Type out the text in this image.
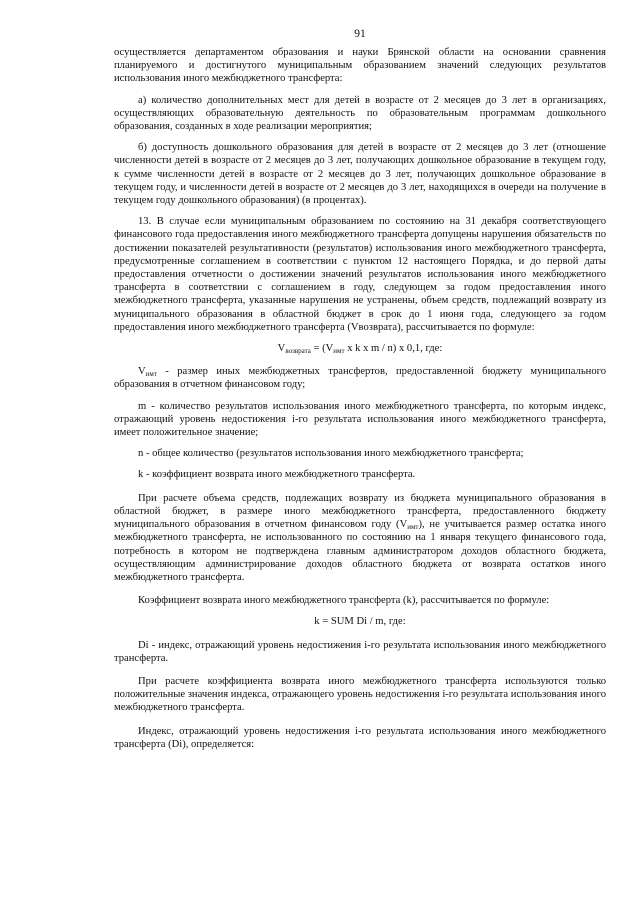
91

осуществляется департаментом образования и науки Брянской области на основании сравнения планируемого и достигнутого муниципальным образованием значений следующих результатов использования иного межбюджетного трансферта:

а) количество дополнительных мест для детей в возрасте от 2 месяцев до 3 лет в организациях, осуществляющих образовательную деятельность по образовательным программам дошкольного образования, созданных в ходе реализации мероприятия;

б) доступность дошкольного образования для детей в возрасте от 2 месяцев до 3 лет (отношение численности детей в возрасте от 2 месяцев до 3 лет, получающих дошкольное образование в текущем году, к сумме численности детей в возрасте от 2 месяцев до 3 лет, получающих дошкольное образование в текущем году, и численности детей в возрасте от 2 месяцев до 3 лет, находящихся в очереди на получение в текущем году дошкольного образования) (в процентах).

13. В случае если муниципальным образованием по состоянию на 31 декабря соответствующего финансового года предоставления иного межбюджетного трансферта допущены нарушения обязательств по достижении показателей результативности (результатов) использования иного межбюджетного трансферта, предусмотренные соглашением в соответствии с пунктом 12 настоящего Порядка, и до первой даты предоставления отчетности о достижении значений результатов использования иного межбюджетного трансферта в соответствии с соглашением в году, следующем за годом предоставления иного межбюджетного трансферта, указанные нарушения не устранены, объем средств, подлежащий возврату из муниципального образования в областной бюджет в срок до 1 июня года, следующего за годом предоставления иного межбюджетного трансферта (Vвозврата), рассчитывается по формуле:

$V_{возврата} = (V_{имт}$ x k x m / n) x 0,1, где:

$V_{имт}$ - размер иных межбюджетных трансфертов, предоставленной бюджету муниципального образования в отчетном финансовом году;

m - количество результатов использования иного межбюджетного трансферта, по которым индекс, отражающий уровень недостижения i-го результата использования иного межбюджетного трансферта, имеет положительное значение;

n - общее количество (результатов использования иного межбюджетного трансферта;

k - коэффициент возврата иного межбюджетного трансферта.

При расчете объема средств, подлежащих возврату из бюджета муниципального образования в областной бюджет, в размере иного межбюджетного трансферта, предоставленного бюджету муниципального образования в отчетном финансовом году $(V_{имт})$, не учитывается размер остатка иного межбюджетного трансферта, не использованного по состоянию на 1 января текущего финансового года, потребность в котором не подтверждена главным администратором доходов областного бюджета, осуществляющим администрирование доходов областного бюджета от возврата остатков иного межбюджетного трансферта.

Коэффициент возврата иного межбюджетного трансферта (k), рассчитывается по формуле:

k = SUM Di / m, где:

Di - индекс, отражающий уровень недостижения i-го результата использования иного межбюджетного трансферта.

При расчете коэффициента возврата иного межбюджетного трансферта используются только положительные значения индекса, отражающего уровень недостижения i-го результата использования иного межбюджетного трансферта.

Индекс, отражающий уровень недостижения i-го результата использования иного межбюджетного трансферта (Di), определяется:
